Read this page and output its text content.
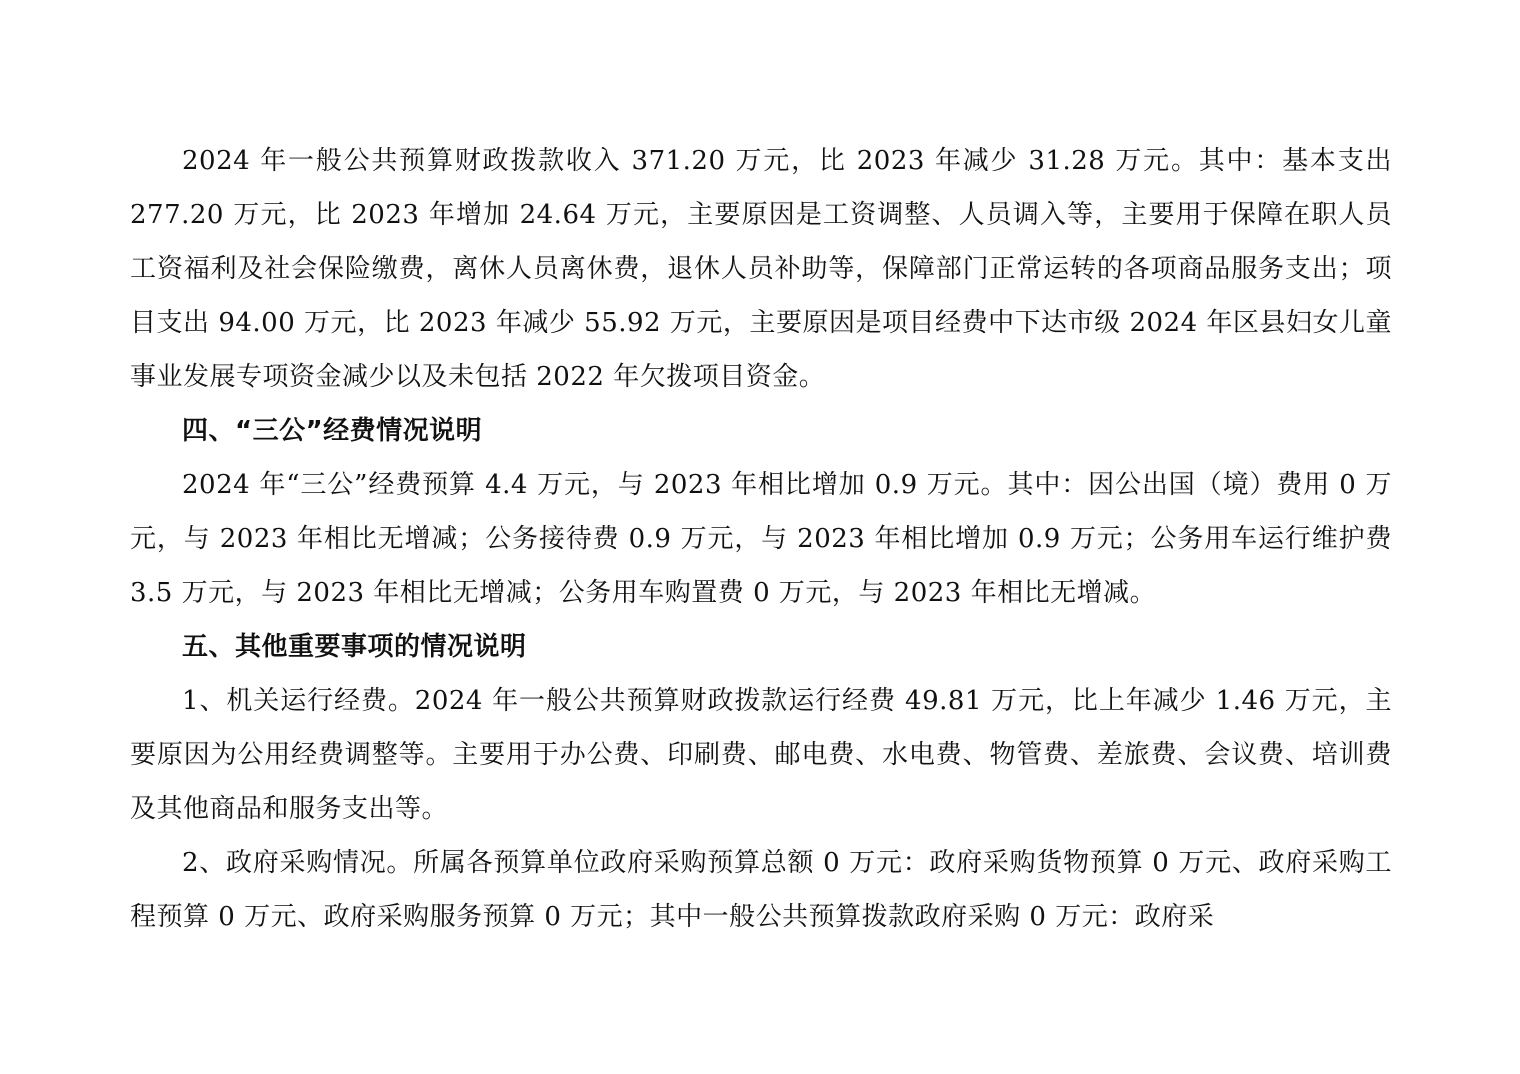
2024 年一般公共预算财政拨款收入 371.20 万元，比 2023 年减少 31.28 万元。其中：基本支出 277.20 万元，比 2023 年增加 24.64 万元，主要原因是工资调整、人员调入等，主要用于保障在职人员工资福利及社会保险缴费，离休人员离休费，退休人员补助等，保障部门正常运转的各项商品服务支出；项目支出 94.00 万元，比 2023 年减少 55.92 万元，主要原因是项目经费中下达市级 2024 年区县妇女儿童事业发展专项资金减少以及未包括 2022 年欠拨项目资金。

四、“三公”经费情况说明

2024 年“三公”经费预算 4.4 万元，与 2023 年相比增加 0.9 万元。其中：因公出国（境）费用 0 万元，与 2023 年相比无增减；公务接待费 0.9 万元，与 2023 年相比增加 0.9 万元；公务用车运行维护费 3.5 万元，与 2023 年相比无增减；公务用车购置费 0 万元，与 2023 年相比无增减。

五、其他重要事项的情况说明

1、机关运行经费。2024 年一般公共预算财政拨款运行经费 49.81 万元，比上年减少 1.46 万元，主要原因为公用经费调整等。主要用于办公费、印刷费、邮电费、水电费、物管费、差旅费、会议费、培训费及其他商品和服务支出等。

2、政府采购情况。所属各预算单位政府采购预算总额 0 万元：政府采购货物预算 0 万元、政府采购工程预算 0 万元、政府采购服务预算 0 万元；其中一般公共预算拨款政府采购 0 万元：政府采
